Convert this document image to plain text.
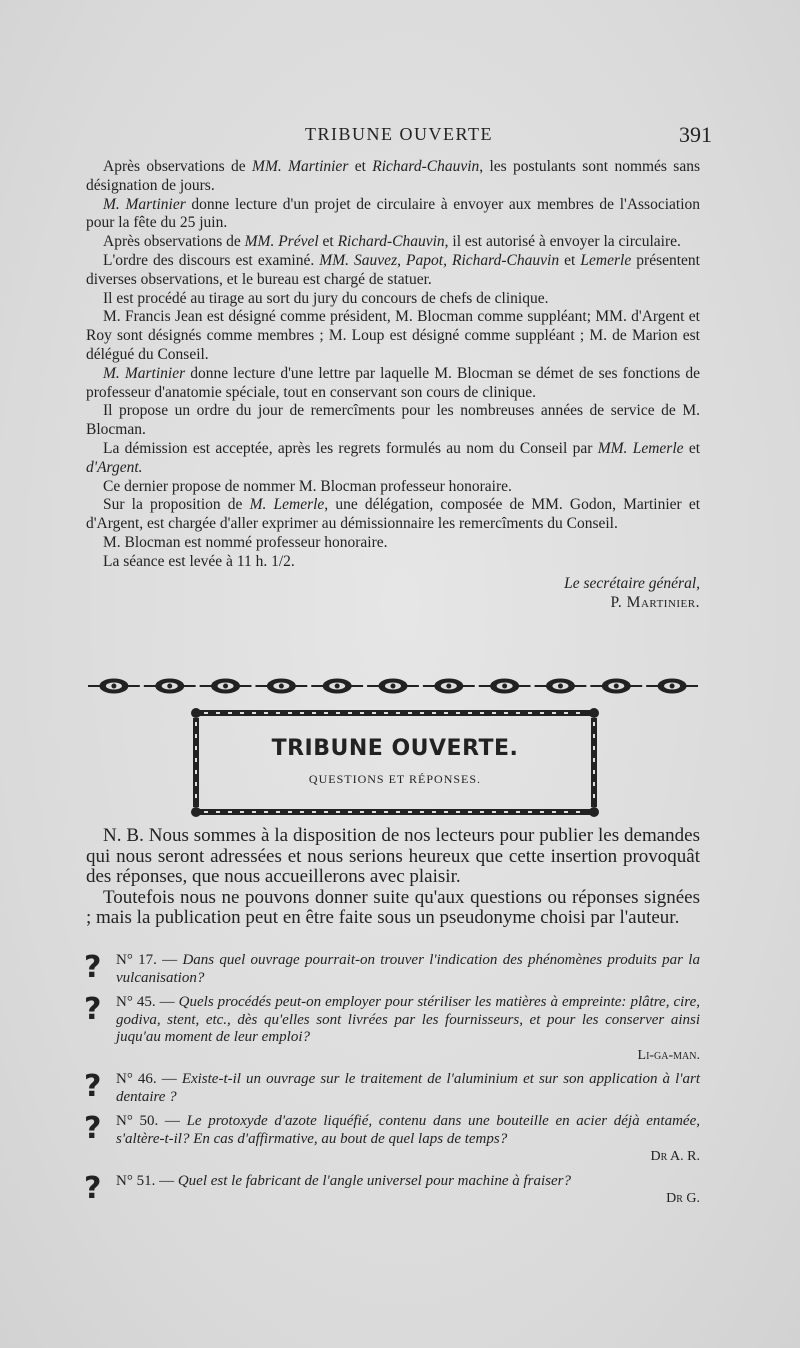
TRIBUNE OUVERTE	391

Après observations de MM. Martinier et Richard-Chauvin, les postulants sont nommés sans désignation de jours.

M. Martinier donne lecture d'un projet de circulaire à envoyer aux membres de l'Association pour la fête du 25 juin.

Après observations de MM. Prével et Richard-Chauvin, il est autorisé à envoyer la circulaire.

L'ordre des discours est examiné. MM. Sauvez, Papot, Richard-Chauvin et Lemerle présentent diverses observations, et le bureau est chargé de statuer.

Il est procédé au tirage au sort du jury du concours de chefs de clinique.

M. Francis Jean est désigné comme président, M. Blocman comme suppléant; MM. d'Argent et Roy sont désignés comme membres ; M. Loup est désigné comme suppléant ; M. de Marion est délégué du Conseil.

M. Martinier donne lecture d'une lettre par laquelle M. Blocman se démet de ses fonctions de professeur d'anatomie spéciale, tout en conservant son cours de clinique.

Il propose un ordre du jour de remercîments pour les nombreuses années de service de M. Blocman.

La démission est acceptée, après les regrets formulés au nom du Conseil par MM. Lemerle et d'Argent.

Ce dernier propose de nommer M. Blocman professeur honoraire.

Sur la proposition de M. Lemerle, une délégation, composée de MM. Godon, Martinier et d'Argent, est chargée d'aller exprimer au démissionnaire les remercîments du Conseil.

M. Blocman est nommé professeur honoraire.

La séance est levée à 11 h. 1/2.

Le secrétaire général,
P. Martinier.
TRIBUNE OUVERTE.
QUESTIONS ET RÉPONSES.

N. B. Nous sommes à la disposition de nos lecteurs pour publier les demandes qui nous seront adressées et nous serions heureux que cette insertion provoquât des réponses, que nous accueillerons avec plaisir.

Toutefois nous ne pouvons donner suite qu'aux questions ou réponses signées ; mais la publication peut en être faite sous un pseudonyme choisi par l'auteur.

? N° 17. — Dans quel ouvrage pourrait-on trouver l'indication des phénomènes produits par la vulcanisation?
? N° 45. — Quels procédés peut-on employer pour stériliser les matières à empreinte: plâtre, cire, godiva, stent, etc., dès qu'elles sont livrées par les fournisseurs, et pour les conserver ainsi juqu'au moment de leur emploi?
Li-ga-man.
? N° 46. — Existe-t-il un ouvrage sur le traitement de l'aluminium et sur son application à l'art dentaire ?
? N° 50. — Le protoxyde d'azote liquéfié, contenu dans une bouteille en acier déjà entamée, s'altère-t-il? En cas d'affirmative, au bout de quel laps de temps?
Dr A. R.
? N° 51. — Quel est le fabricant de l'angle universel pour machine à fraiser?
Dr G.
